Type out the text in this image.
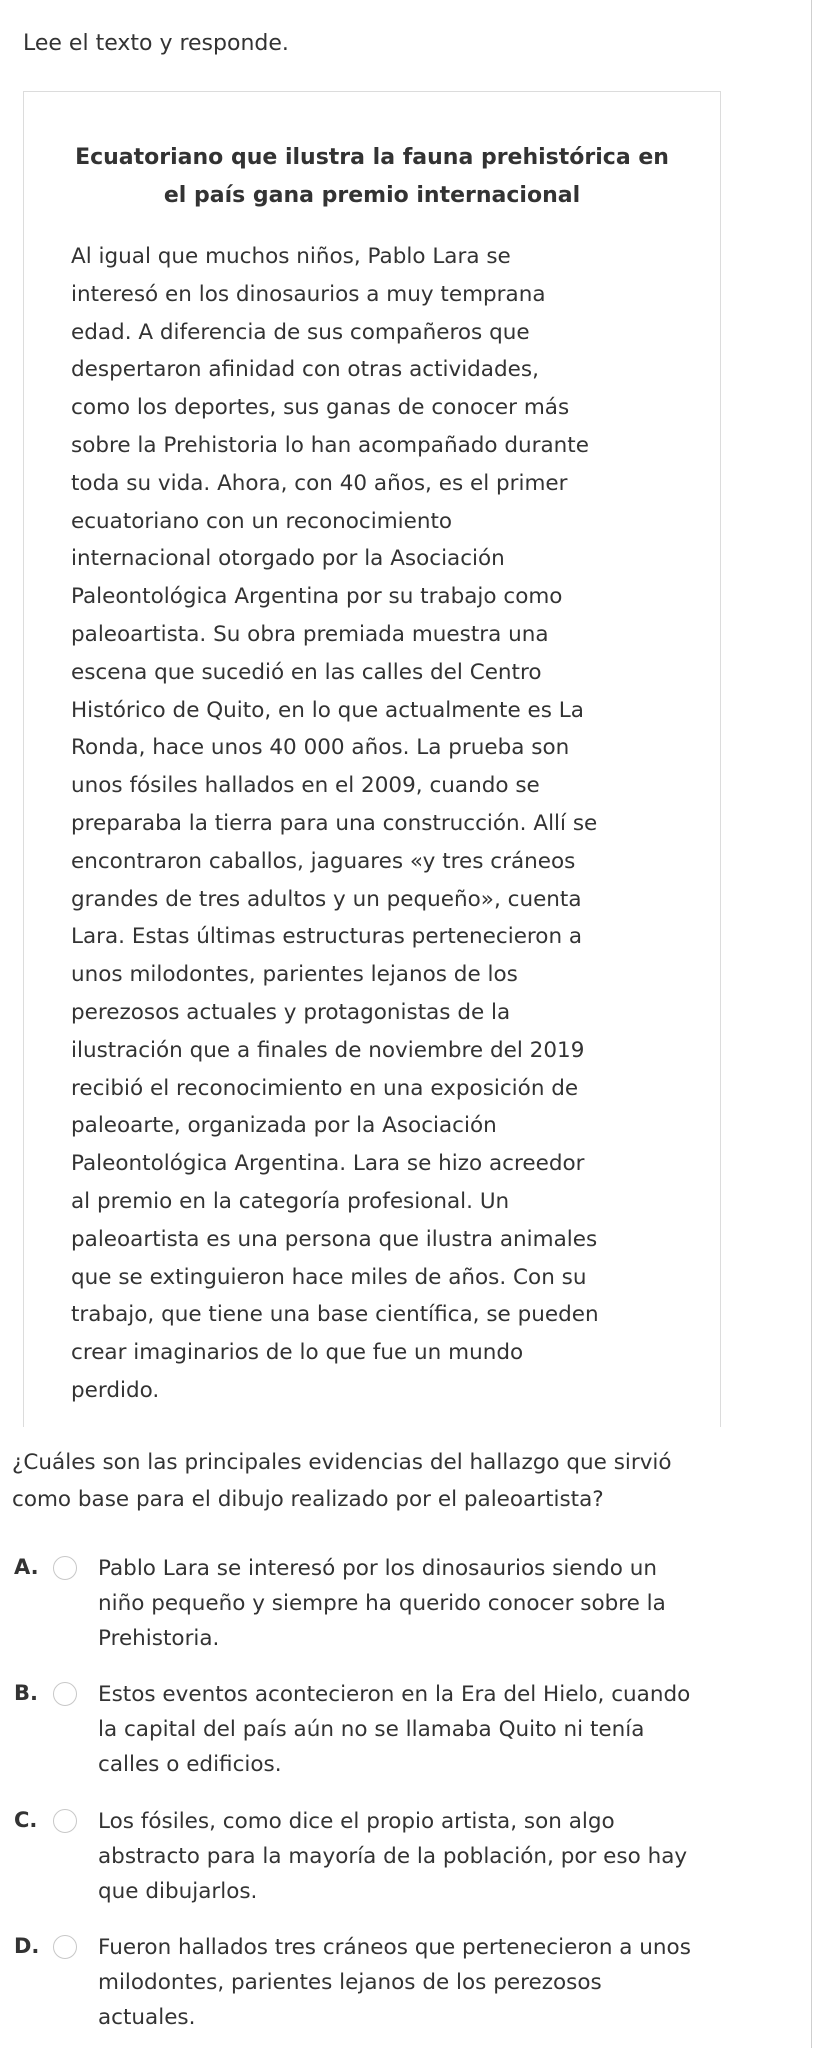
Lee el texto y responde.
Ecuatoriano que ilustra la fauna prehistórica en
el país gana premio internacional
Al igual que muchos niños, Pablo Lara se
interesó en los dinosaurios a muy temprana
edad. A diferencia de sus compañeros que
despertaron afinidad con otras actividades,
como los deportes, sus ganas de conocer más
sobre la Prehistoria lo han acompañado durante
toda su vida. Ahora, con 40 años, es el primer
ecuatoriano con un reconocimiento
internacional otorgado por la Asociación
Paleontológica Argentina por su trabajo como
paleoartista. Su obra premiada muestra una
escena que sucedió en las calles del Centro
Histórico de Quito, en lo que actualmente es La
Ronda, hace unos 40 000 años. La prueba son
unos fósiles hallados en el 2009, cuando se
preparaba la tierra para una construcción. Allí se
encontraron caballos, jaguares «y tres cráneos
grandes de tres adultos y un pequeño», cuenta
Lara. Estas últimas estructuras pertenecieron a
unos milodontes, parientes lejanos de los
perezosos actuales y protagonistas de la
ilustración que a finales de noviembre del 2019
recibió el reconocimiento en una exposición de
paleoarte, organizada por la Asociación
Paleontológica Argentina. Lara se hizo acreedor
al premio en la categoría profesional. Un
paleoartista es una persona que ilustra animales
que se extinguieron hace miles de años. Con su
trabajo, que tiene una base científica, se pueden
crear imaginarios de lo que fue un mundo
perdido.

¿Cuáles son las principales evidencias del hallazgo que sirvió
como base para el dibujo realizado por el paleoartista?

A.	Pablo Lara se interesó por los dinosaurios siendo un
niño pequeño y siempre ha querido conocer sobre la
Prehistoria.
B.	Estos eventos acontecieron en la Era del Hielo, cuando
la capital del país aún no se llamaba Quito ni tenía
calles o edificios.
C.	Los fósiles, como dice el propio artista, son algo
abstracto para la mayoría de la población, por eso hay
que dibujarlos.
D.	Fueron hallados tres cráneos que pertenecieron a unos
milodontes, parientes lejanos de los perezosos
actuales.
